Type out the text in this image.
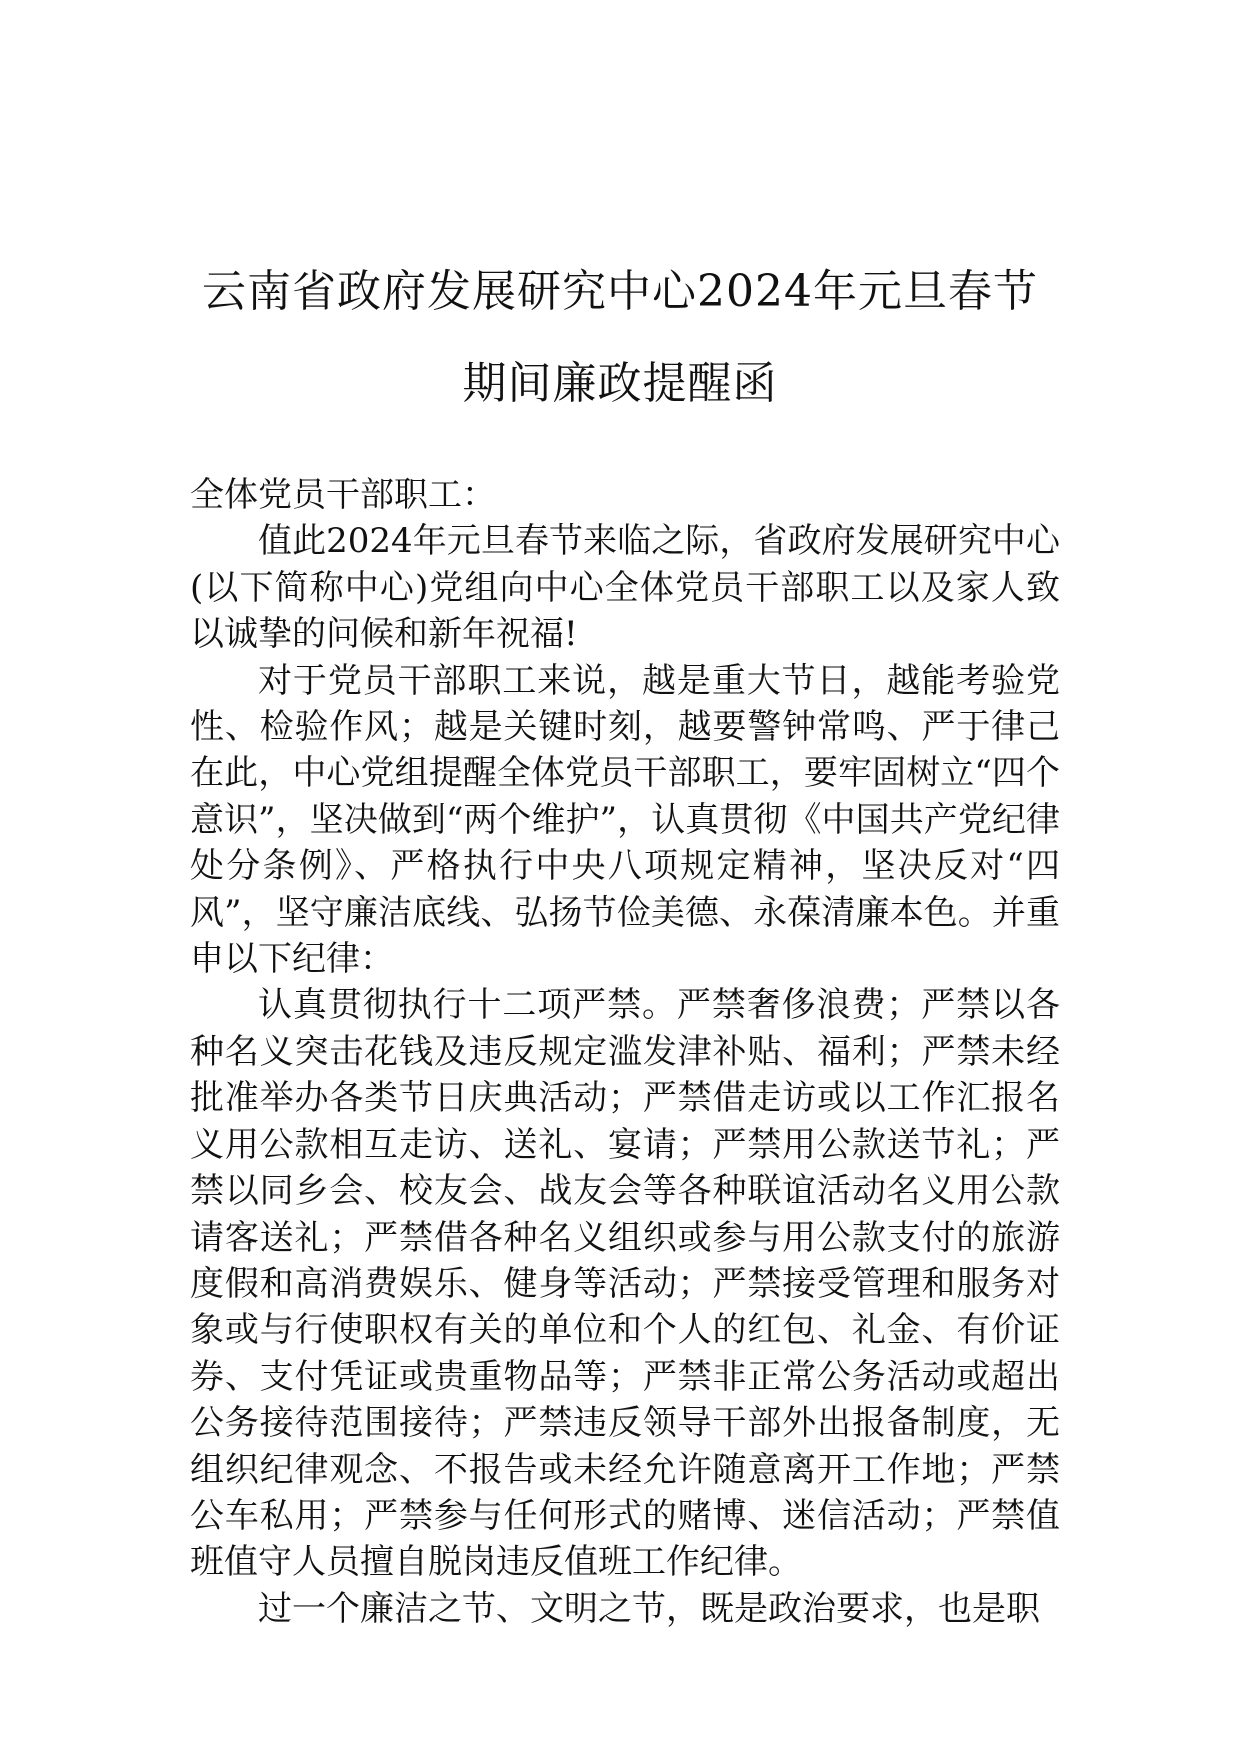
云南省政府发展研究中心2024年元旦春节
期间廉政提醒函

全体党员干部职工：

值此2024年元旦春节来临之际，省政府发展研究中心(以下简称中心)党组向中心全体党员干部职工以及家人致以诚挚的问候和新年祝福!

对于党员干部职工来说，越是重大节日，越能考验党性、检验作风；越是关键时刻，越要警钟常鸣、严于律己在此，中心党组提醒全体党员干部职工，要牢固树立“四个意识”，坚决做到“两个维护”，认真贯彻《中国共产党纪律处分条例》、严格执行中央八项规定精神，坚决反对“四风”，坚守廉洁底线、弘扬节俭美德、永葆清廉本色。并重申以下纪律：

认真贯彻执行十二项严禁。严禁奢侈浪费；严禁以各种名义突击花钱及违反规定滥发津补贴、福利；严禁未经批准举办各类节日庆典活动；严禁借走访或以工作汇报名义用公款相互走访、送礼、宴请；严禁用公款送节礼；严禁以同乡会、校友会、战友会等各种联谊活动名义用公款请客送礼；严禁借各种名义组织或参与用公款支付的旅游度假和高消费娱乐、健身等活动；严禁接受管理和服务对象或与行使职权有关的单位和个人的红包、礼金、有价证券、支付凭证或贵重物品等；严禁非正常公务活动或超出公务接待范围接待；严禁违反领导干部外出报备制度，无组织纪律观念、不报告或未经允许随意离开工作地；严禁公车私用；严禁参与任何形式的赌博、迷信活动；严禁值班值守人员擅自脱岗违反值班工作纪律。

过一个廉洁之节、文明之节，既是政治要求，也是职
